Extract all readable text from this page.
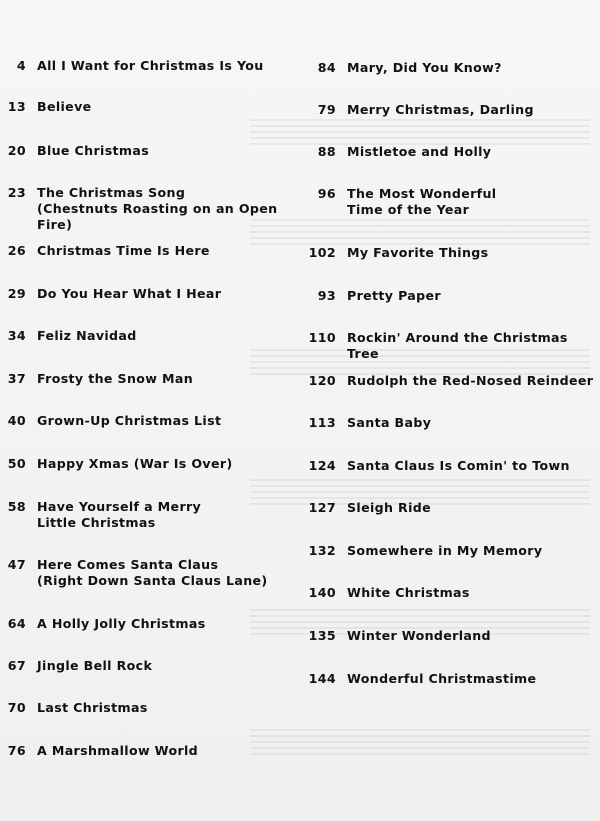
4 All I Want for Christmas Is You
13 Believe
20 Blue Christmas
23 The Christmas Song
(Chestnuts Roasting on an Open Fire)
26 Christmas Time Is Here
29 Do You Hear What I Hear
34 Feliz Navidad
37 Frosty the Snow Man
40 Grown-Up Christmas List
50 Happy Xmas (War Is Over)
58 Have Yourself a Merry
Little Christmas
47 Here Comes Santa Claus
(Right Down Santa Claus Lane)
64 A Holly Jolly Christmas
67 Jingle Bell Rock
70 Last Christmas
76 A Marshmallow World
84 Mary, Did You Know?
79 Merry Christmas, Darling
88 Mistletoe and Holly
96 The Most Wonderful
Time of the Year
102 My Favorite Things
93 Pretty Paper
110 Rockin' Around the Christmas Tree
120 Rudolph the Red-Nosed Reindeer
113 Santa Baby
124 Santa Claus Is Comin' to Town
127 Sleigh Ride
132 Somewhere in My Memory
140 White Christmas
135 Winter Wonderland
144 Wonderful Christmastime
